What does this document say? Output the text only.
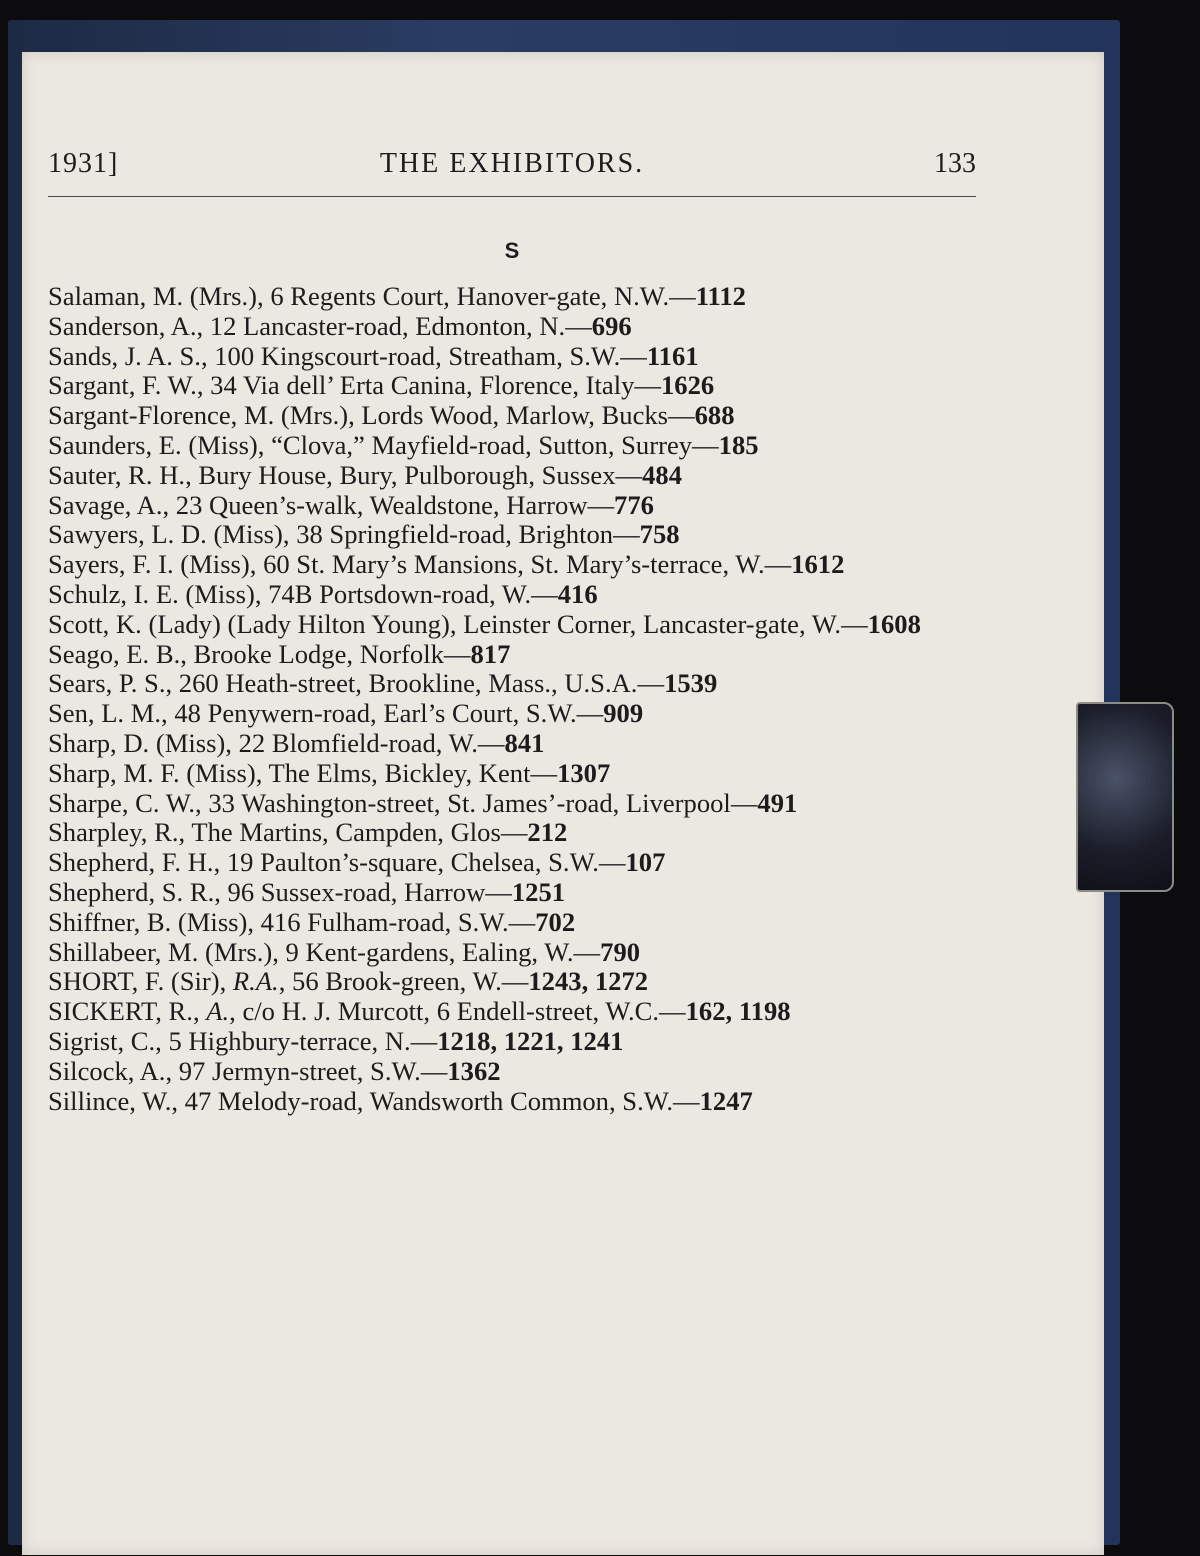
1931]	THE EXHIBITORS.	133
S
Salaman, M. (Mrs.), 6 Regents Court, Hanover-gate, N.W.—1112
Sanderson, A., 12 Lancaster-road, Edmonton, N.—696
Sands, J. A. S., 100 Kingscourt-road, Streatham, S.W.—1161
Sargant, F. W., 34 Via dell’ Erta Canina, Florence, Italy—1626
Sargant-Florence, M. (Mrs.), Lords Wood, Marlow, Bucks—688
Saunders, E. (Miss), “Clova,” Mayfield-road, Sutton, Surrey—185
Sauter, R. H., Bury House, Bury, Pulborough, Sussex—484
Savage, A., 23 Queen’s-walk, Wealdstone, Harrow—776
Sawyers, L. D. (Miss), 38 Springfield-road, Brighton—758
Sayers, F. I. (Miss), 60 St. Mary’s Mansions, St. Mary’s-terrace, W.—1612
Schulz, I. E. (Miss), 74B Portsdown-road, W.—416
Scott, K. (Lady) (Lady Hilton Young), Leinster Corner, Lancaster-gate, W.—1608
Seago, E. B., Brooke Lodge, Norfolk—817
Sears, P. S., 260 Heath-street, Brookline, Mass., U.S.A.—1539
Sen, L. M., 48 Penywern-road, Earl’s Court, S.W.—909
Sharp, D. (Miss), 22 Blomfield-road, W.—841
Sharp, M. F. (Miss), The Elms, Bickley, Kent—1307
Sharpe, C. W., 33 Washington-street, St. James’-road, Liverpool—491
Sharpley, R., The Martins, Campden, Glos—212
Shepherd, F. H., 19 Paulton’s-square, Chelsea, S.W.—107
Shepherd, S. R., 96 Sussex-road, Harrow—1251
Shiffner, B. (Miss), 416 Fulham-road, S.W.—702
Shillabeer, M. (Mrs.), 9 Kent-gardens, Ealing, W.—790
SHORT, F. (Sir), R.A., 56 Brook-green, W.—1243, 1272
SICKERT, R., A., c/o H. J. Murcott, 6 Endell-street, W.C.—162, 1198
Sigrist, C., 5 Highbury-terrace, N.—1218, 1221, 1241
Silcock, A., 97 Jermyn-street, S.W.—1362
Sillince, W., 47 Melody-road, Wandsworth Common, S.W.—1247
